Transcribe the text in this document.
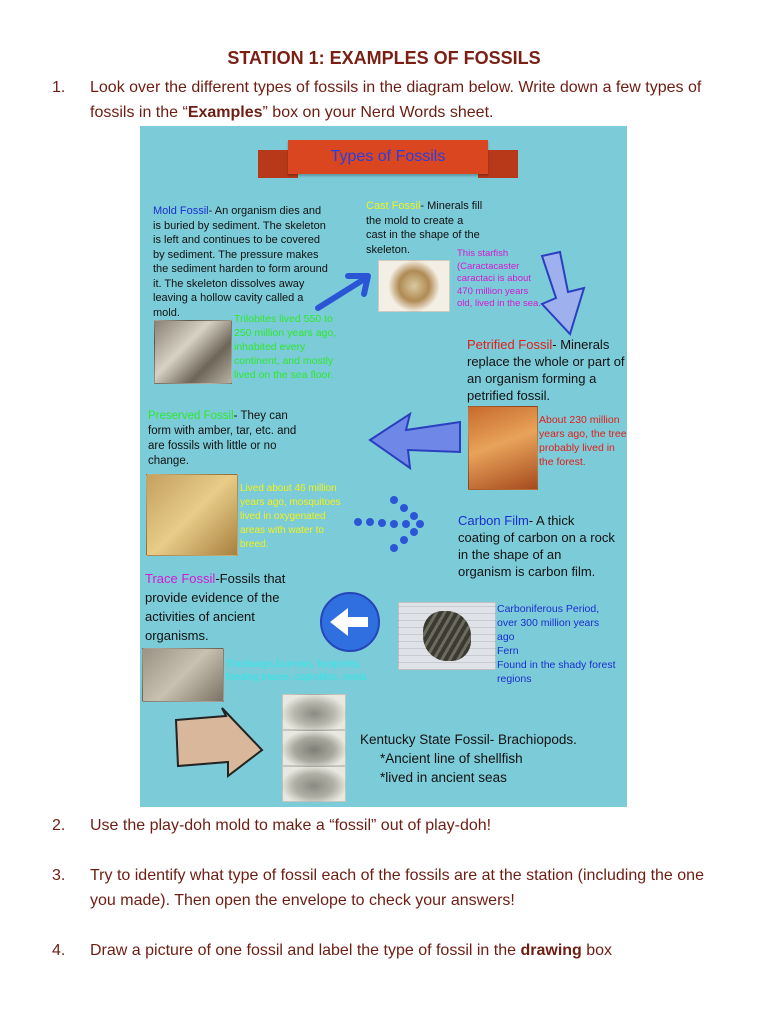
STATION 1: EXAMPLES OF FOSSILS
1. Look over the different types of fossils in the diagram below. Write down a few types of fossils in the “Examples” box on your Nerd Words sheet.
Types of Fossils
Mold Fossil- An organism dies and is buried by sediment. The skeleton is left and continues to be covered by sediment. The pressure makes the sediment harden to form around it. The skeleton dissolves away leaving a hollow cavity called a mold.
Trilobites lived 550 to 250 million years ago, inhabited every continent, and mostly lived on the sea floor.
Cast Fossil- Minerals fill the mold to create a cast in the shape of the skeleton.	This starfish (Caractacaster caractaci is about 470 million years old, lived in the sea.
Petrified Fossil- Minerals replace the whole or part of an organism forming a petrified fossil.
About 230 million years ago, the tree probably lived in the forest.
Preserved Fossil- They can form with amber, tar, etc. and are fossils with little or no change.
Lived about 46 million years ago, mosquitoes lived in oxygenated areas with water to breed.
Carbon Film- A thick coating of carbon on a rock in the shape of an organism is carbon film.
Carboniferous Period, over 300 million years ago
Fern
Found in the shady forest regions
Trace Fossil-Fossils that provide evidence of the activities of ancient organisms.
Trackways,burrows, footprints, feeding traces, coprolites, nests
Kentucky State Fossil- Brachiopods.
*Ancient line of shellfish
*lived in ancient seas
2. Use the play-doh mold to make a “fossil” out of play-doh!
3. Try to identify what type of fossil each of the fossils are at the station (including the one you made). Then open the envelope to check your answers!
4. Draw a picture of one fossil and label the type of fossil in the drawing box
